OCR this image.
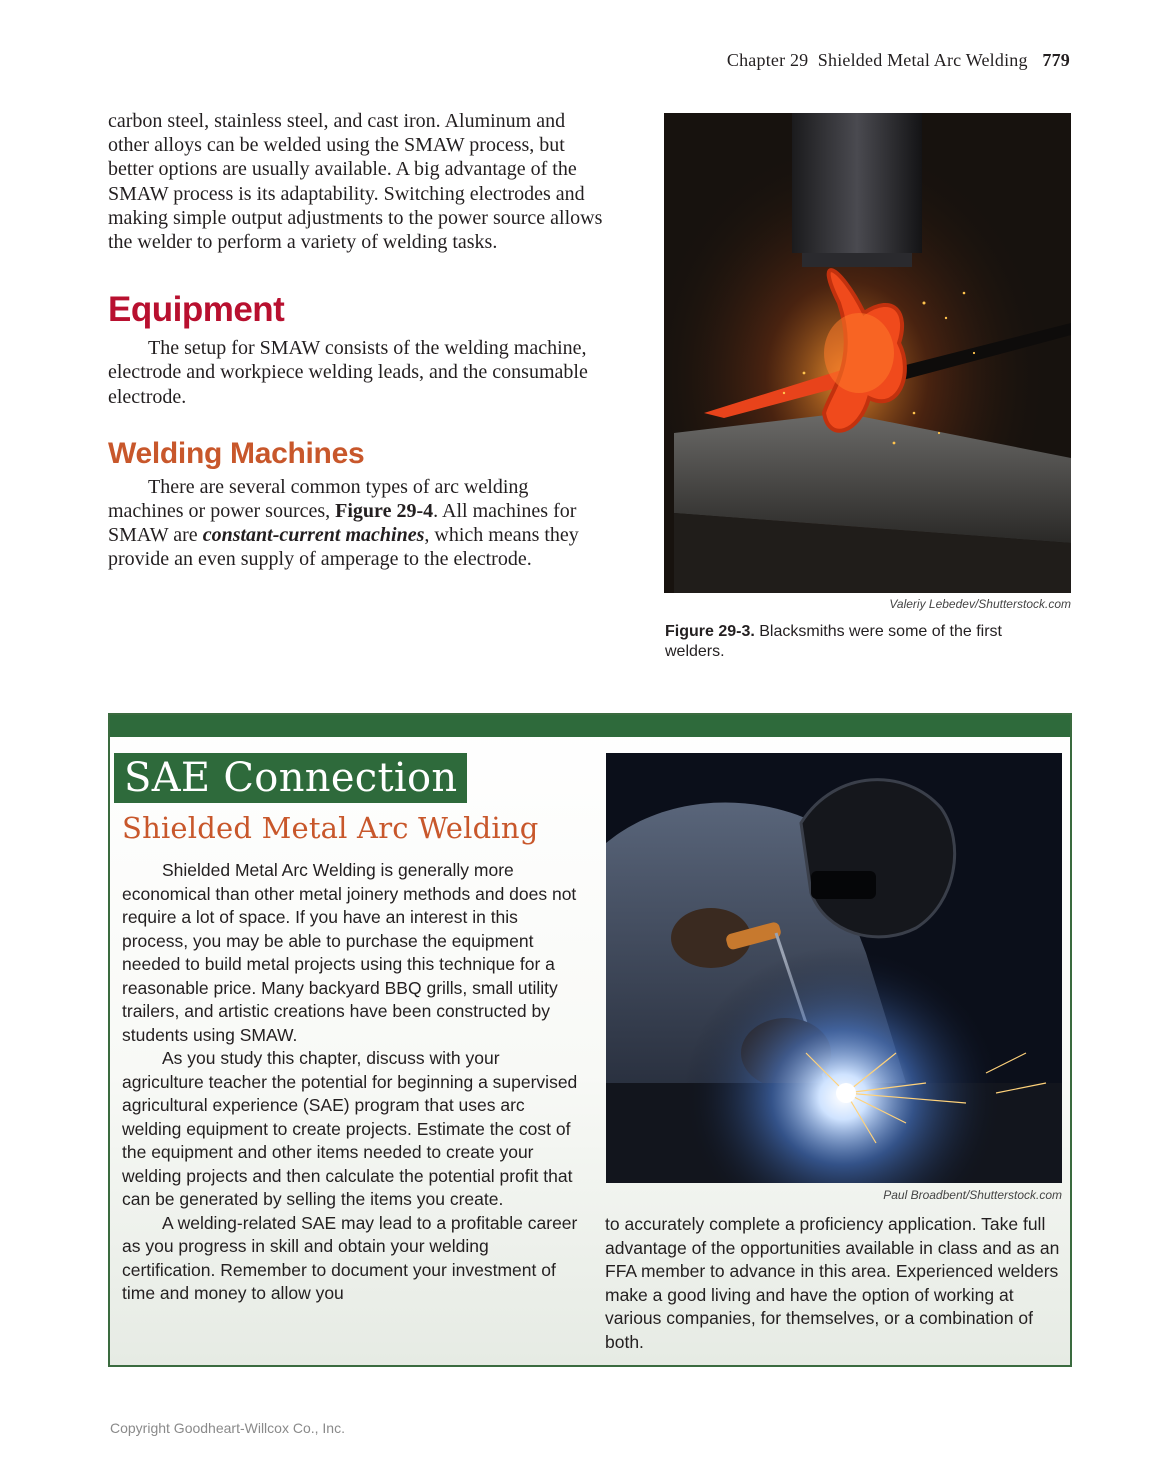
Chapter 29 Shielded Metal Arc Welding 779

carbon steel, stainless steel, and cast iron. Aluminum and other alloys can be welded using the SMAW process, but better options are usually available. A big advantage of the SMAW process is its adaptability. Switching electrodes and making simple output adjustments to the power source allows the welder to perform a variety of welding tasks.

Equipment

The setup for SMAW consists of the welding machine, electrode and workpiece welding leads, and the consumable electrode.

Welding Machines

There are several common types of arc welding machines or power sources, Figure 29-4. All machines for SMAW are constant-current machines, which means they provide an even supply of amperage to the electrode.

Valeriy Lebedev/Shutterstock.com
Figure 29-3. Blacksmiths were some of the first welders.
SAE Connection
Shielded Metal Arc Welding

Shielded Metal Arc Welding is generally more economical than other metal joinery methods and does not require a lot of space. If you have an interest in this process, you may be able to purchase the equipment needed to build metal projects using this technique for a reasonable price. Many backyard BBQ grills, small utility trailers, and artistic creations have been constructed by students using SMAW.

As you study this chapter, discuss with your agriculture teacher the potential for beginning a supervised agricultural experience (SAE) program that uses arc welding equipment to create projects. Estimate the cost of the equipment and other items needed to create your welding projects and then calculate the potential profit that can be generated by selling the items you create.

A welding-related SAE may lead to a profitable career as you progress in skill and obtain your welding certification. Remember to document your investment of time and money to allow you

Paul Broadbent/Shutterstock.com
to accurately complete a proficiency application. Take full advantage of the opportunities available in class and as an FFA member to advance in this area. Experienced welders make a good living and have the option of working at various companies, for themselves, or a combination of both.
Copyright Goodheart-Willcox Co., Inc.
